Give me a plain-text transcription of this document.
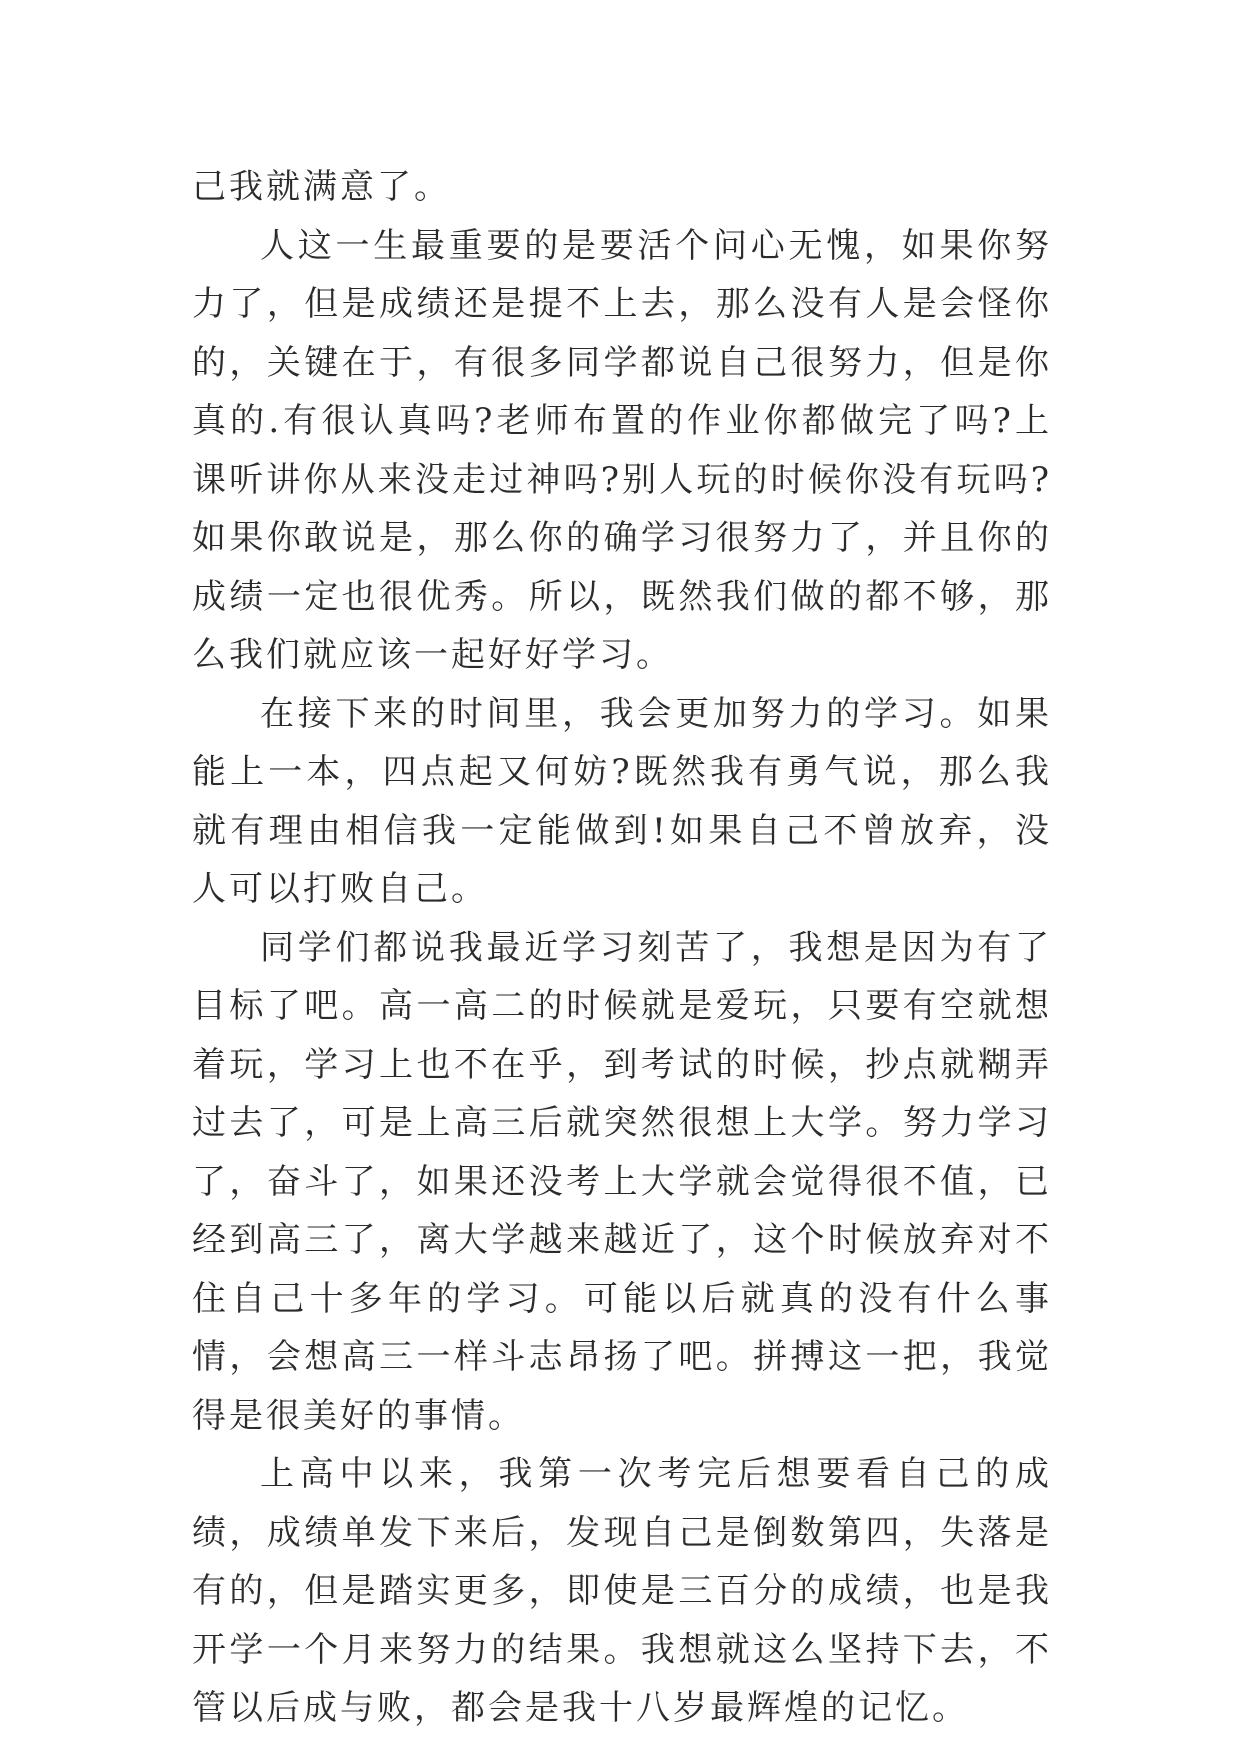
己我就满意了。

人这一生最重要的是要活个问心无愧，如果你努力了，但是成绩还是提不上去，那么没有人是会怪你的，关键在于，有很多同学都说自己很努力，但是你真的.有很认真吗?老师布置的作业你都做完了吗?上课听讲你从来没走过神吗?别人玩的时候你没有玩吗?如果你敢说是，那么你的确学习很努力了，并且你的成绩一定也很优秀。所以，既然我们做的都不够，那么我们就应该一起好好学习。

在接下来的时间里，我会更加努力的学习。如果能上一本，四点起又何妨?既然我有勇气说，那么我就有理由相信我一定能做到!如果自己不曾放弃，没人可以打败自己。

同学们都说我最近学习刻苦了，我想是因为有了目标了吧。高一高二的时候就是爱玩，只要有空就想着玩，学习上也不在乎，到考试的时候，抄点就糊弄过去了，可是上高三后就突然很想上大学。努力学习了，奋斗了，如果还没考上大学就会觉得很不值，已经到高三了，离大学越来越近了，这个时候放弃对不住自己十多年的学习。可能以后就真的没有什么事情，会想高三一样斗志昂扬了吧。拼搏这一把，我觉得是很美好的事情。

上高中以来，我第一次考完后想要看自己的成绩，成绩单发下来后，发现自己是倒数第四，失落是有的，但是踏实更多，即使是三百分的成绩，也是我开学一个月来努力的结果。我想就这么坚持下去，不管以后成与败，都会是我十八岁最辉煌的记忆。
